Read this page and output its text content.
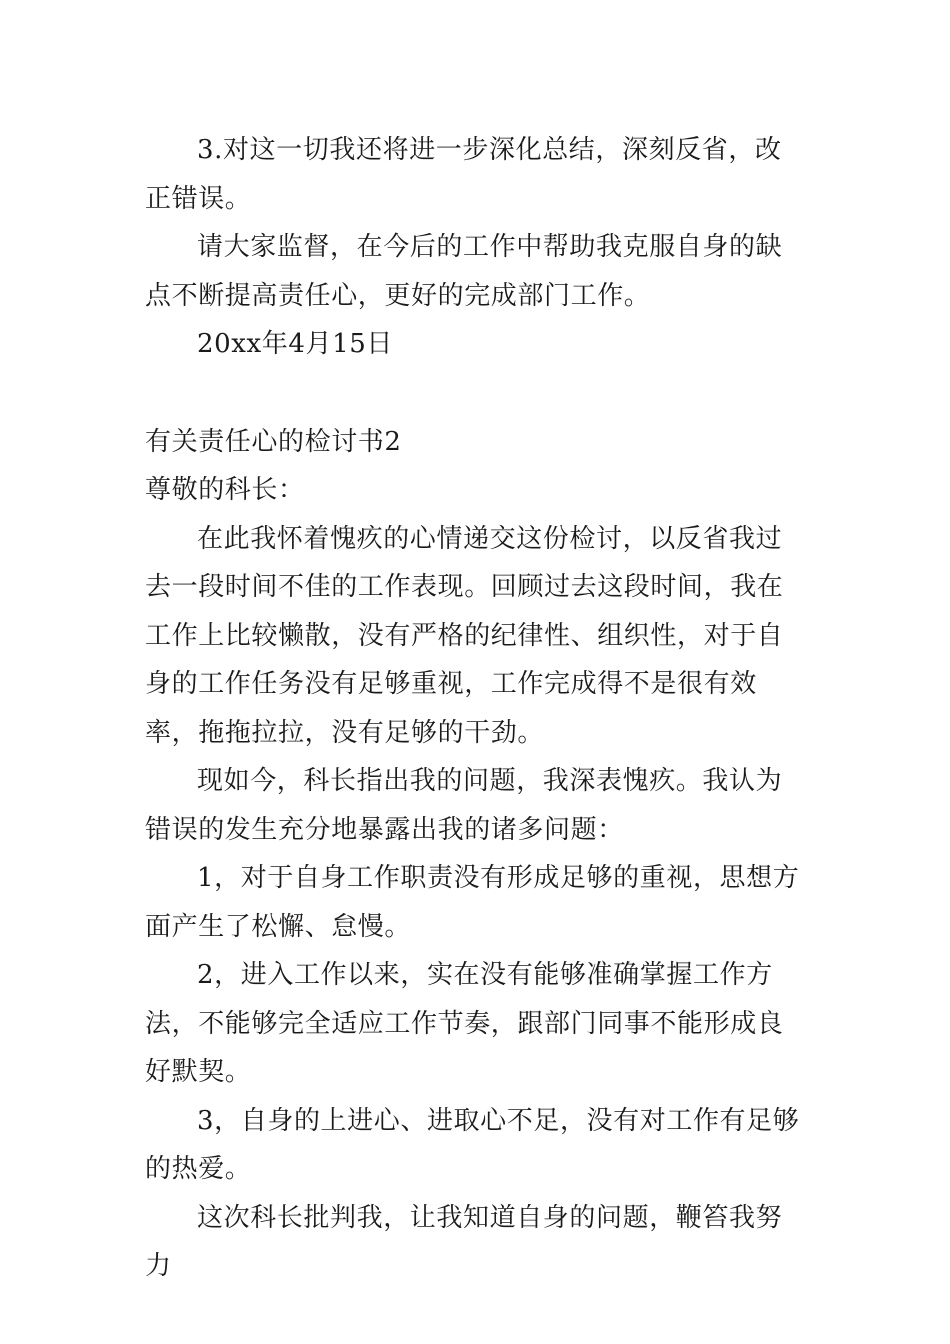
3.对这一切我还将进一步深化总结，深刻反省，改正错误。

请大家监督，在今后的工作中帮助我克服自身的缺点不断提高责任心，更好的完成部门工作。

20xx年4月15日

有关责任心的检讨书2

尊敬的科长：

在此我怀着愧疚的心情递交这份检讨，以反省我过去一段时间不佳的工作表现。回顾过去这段时间，我在工作上比较懒散，没有严格的纪律性、组织性，对于自身的工作任务没有足够重视，工作完成得不是很有效率，拖拖拉拉，没有足够的干劲。

现如今，科长指出我的问题，我深表愧疚。我认为错误的发生充分地暴露出我的诸多问题：

1，对于自身工作职责没有形成足够的重视，思想方面产生了松懈、怠慢。

2，进入工作以来，实在没有能够准确掌握工作方法，不能够完全适应工作节奏，跟部门同事不能形成良好默契。

3，自身的上进心、进取心不足，没有对工作有足够的热爱。

这次科长批判我，让我知道自身的问题，鞭笞我努力
